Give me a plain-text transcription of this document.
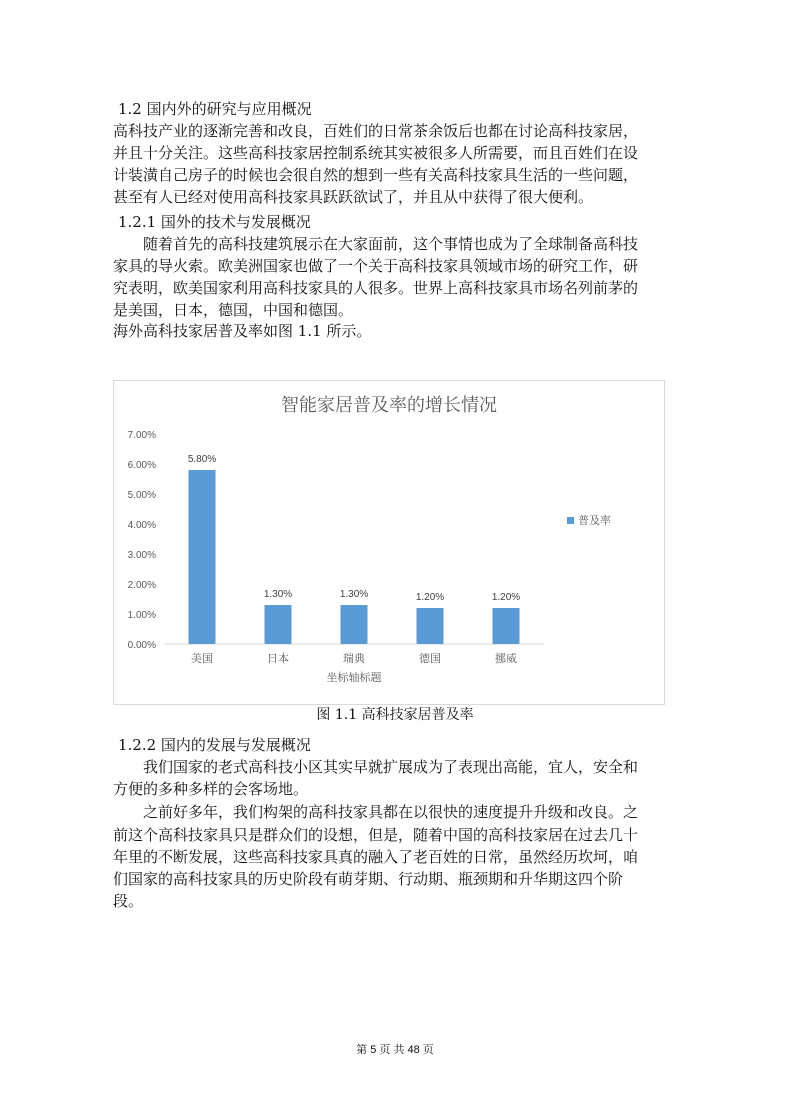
1.2 国内外的研究与应用概况
高科技产业的逐渐完善和改良，百姓们的日常茶余饭后也都在讨论高科技家居，
并且十分关注。这些高科技家居控制系统其实被很多人所需要，而且百姓们在设
计装潢自己房子的时候也会很自然的想到一些有关高科技家具生活的一些问题，
甚至有人已经对使用高科技家具跃跃欲试了，并且从中获得了很大便利。
1.2.1 国外的技术与发展概况
随着首先的高科技建筑展示在大家面前，这个事情也成为了全球制备高科技
家具的导火索。欧美洲国家也做了一个关于高科技家具领域市场的研究工作，研
究表明，欧美国家利用高科技家具的人很多。世界上高科技家具市场名列前茅的
是美国，日本，德国，中国和德国。
海外高科技家居普及率如图 1.1 所示。
智能家居普及率的增长情况
0.00%
1.00%
2.00%
3.00%
4.00%
5.00%
6.00%
7.00%
5.80%
美国
1.30%
日本
1.30%
瑞典
1.20%
德国
1.20%
挪威
坐标轴标题
普及率
图 1.1 高科技家居普及率
1.2.2 国内的发展与发展概况
我们国家的老式高科技小区其实早就扩展成为了表现出高能，宜人，安全和
方便的多种多样的会客场地。
之前好多年，我们构架的高科技家具都在以很快的速度提升升级和改良。之
前这个高科技家具只是群众们的设想，但是，随着中国的高科技家居在过去几十
年里的不断发展，这些高科技家具真的融入了老百姓的日常，虽然经历坎坷，咱
们国家的高科技家具的历史阶段有萌芽期、行动期、瓶颈期和升华期这四个阶
段。
第 5 页 共 48 页
